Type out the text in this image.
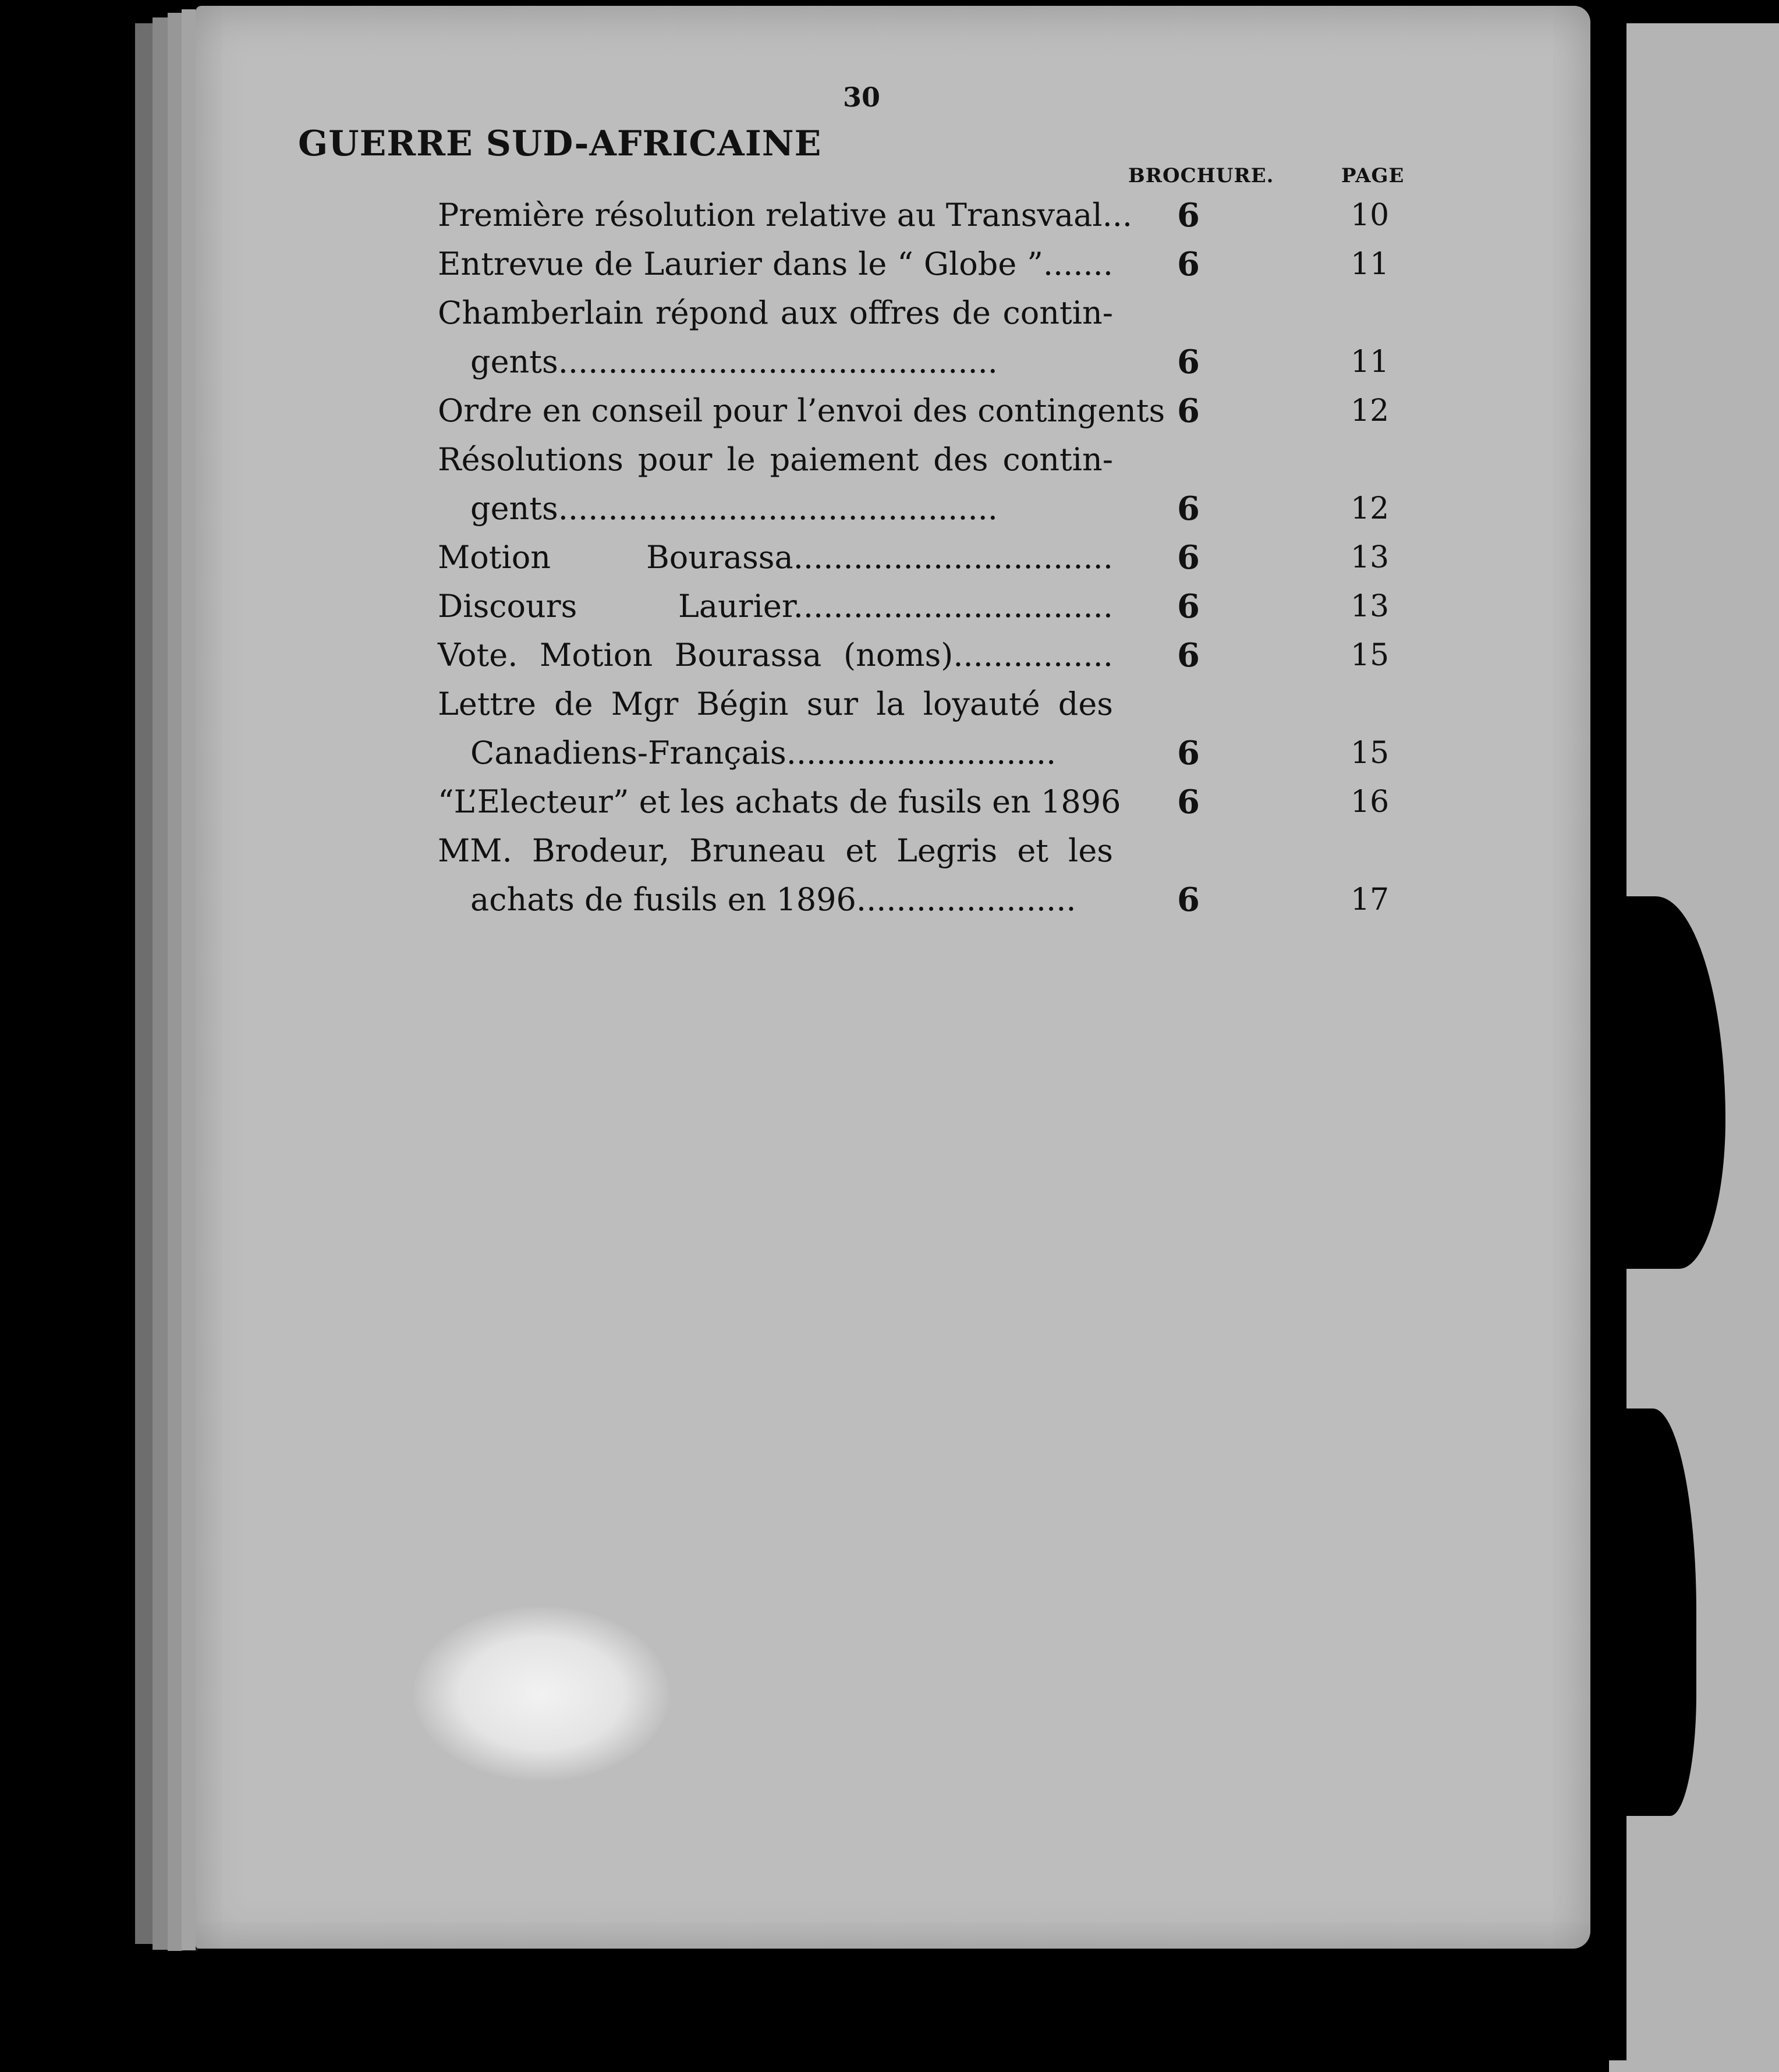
30
GUERRE SUD-AFRICAINE
BROCHURE.	PAGE
Première résolution relative au Transvaal... 6	10
Entrevue de Laurier dans le “ Globe ”....... 6	11
Chamberlain répond aux offres de contin-
gents............................................	6	11
Ordre en conseil pour l’envoi des contingents 6	12
Résolutions pour le paiement des contin-
gents............................................	6	12
Motion Bourassa................................ 6	13
Discours Laurier................................ 6	13
Vote. Motion Bourassa (noms)................ 6	15
Lettre de Mgr Bégin sur la loyauté des
Canadiens-Français...........................	6	15
“L’Electeur” et les achats de fusils en 1896 6	16
MM. Brodeur, Bruneau et Legris et les
achats de fusils en 1896......................	6	17
